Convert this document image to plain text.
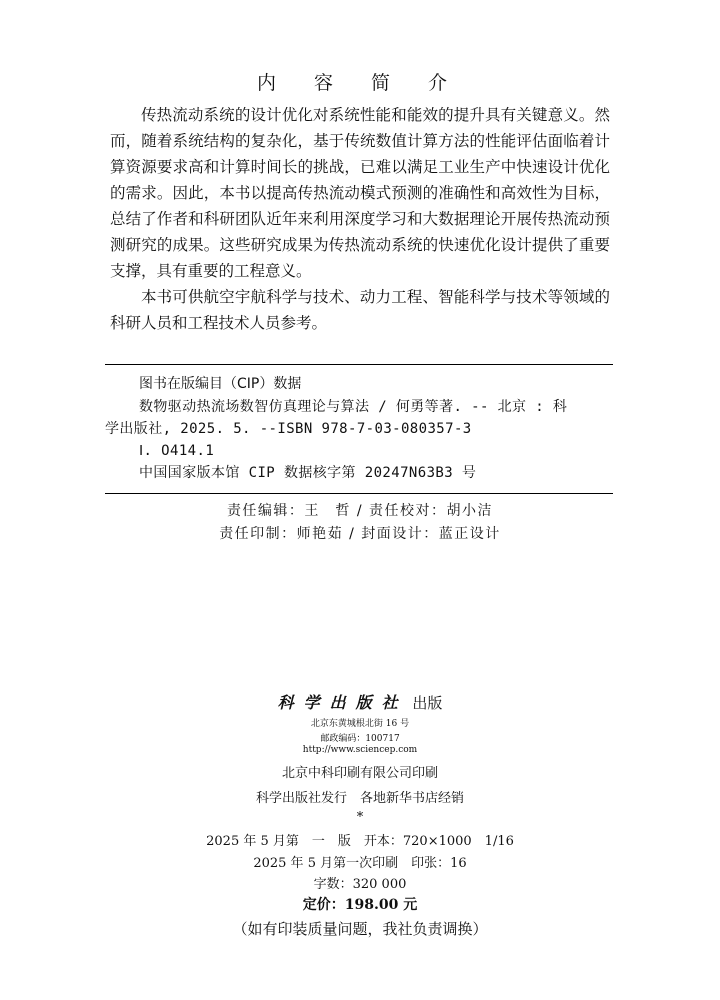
内 容 简 介

传热流动系统的设计优化对系统性能和能效的提升具有关键意义。然而，随着系统结构的复杂化，基于传统数值计算方法的性能评估面临着计算资源要求高和计算时间长的挑战，已难以满足工业生产中快速设计优化的需求。因此，本书以提高传热流动模式预测的准确性和高效性为目标，总结了作者和科研团队近年来利用深度学习和大数据理论开展传热流动预测研究的成果。这些研究成果为传热流动系统的快速优化设计提供了重要支撑，具有重要的工程意义。

本书可供航空宇航科学与技术、动力工程、智能科学与技术等领域的科研人员和工程技术人员参考。

图书在版编目（CIP）数据
数物驱动热流场数智仿真理论与算法 / 何勇等著. -- 北京 : 科
学出版社, 2025. 5. --ISBN 978-7-03-080357-3
Ⅰ. O414.1
中国国家版本馆 CIP 数据核字第 20247N63B3 号
责任编辑：王　哲 / 责任校对：胡小洁
责任印制：师艳茹 / 封面设计：蓝正设计
科学出版社 出版
北京东黄城根北街 16 号
邮政编码：100717
http://www.sciencep.com
北京中科印刷有限公司印刷
科学出版社发行　各地新华书店经销
*
2025 年 5 月第　一　版　开本：720×1000　1/16
2025 年 5 月第一次印刷　印张：16
字数：320 000
定价：198.00 元
（如有印装质量问题，我社负责调换）
